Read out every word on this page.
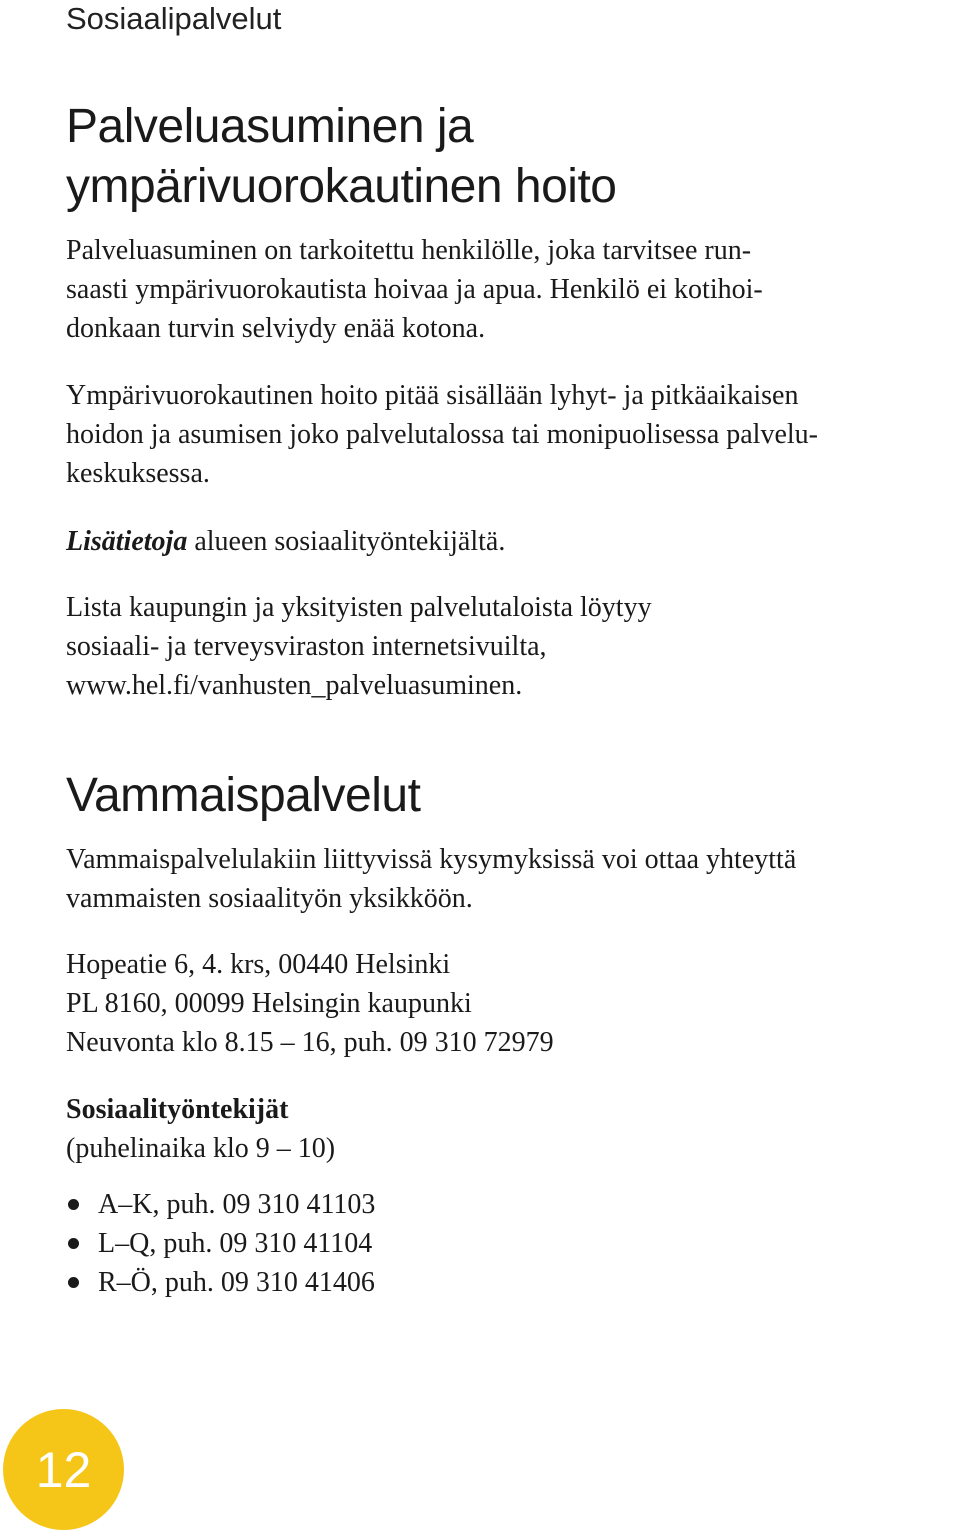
Sosiaalipalvelut
Palveluasuminen ja
ympärivuorokautinen hoito

Palveluasuminen on tarkoitettu henkilölle, joka tarvitsee run-
saasti ympärivuorokautista hoivaa ja apua. Henkilö ei kotihoi-
donkaan turvin selviydy enää kotona.

Ympärivuorokautinen hoito pitää sisällään lyhyt- ja pitkäaikaisen
hoidon ja asumisen joko palvelutalossa tai monipuolisessa palvelu-
keskuksessa.

Lisätietoja alueen sosiaalityöntekijältä.

Lista kaupungin ja yksityisten palvelutaloista löytyy
sosiaali- ja terveysviraston internetsivuilta,
www.hel.fi/vanhusten_palveluasuminen.

Vammaispalvelut

Vammaispalvelulakiin liittyvissä kysymyksissä voi ottaa yhteyttä
vammaisten sosiaalityön yksikköön.

Hopeatie 6, 4. krs, 00440 Helsinki
PL 8160, 00099 Helsingin kaupunki
Neuvonta klo 8.15 – 16, puh. 09 310 72979

Sosiaalityöntekijät
(puhelinaika klo 9 – 10)

A–K, puh. 09 310 41103
L–Q, puh. 09 310 41104
R–Ö, puh. 09 310 41406
12
